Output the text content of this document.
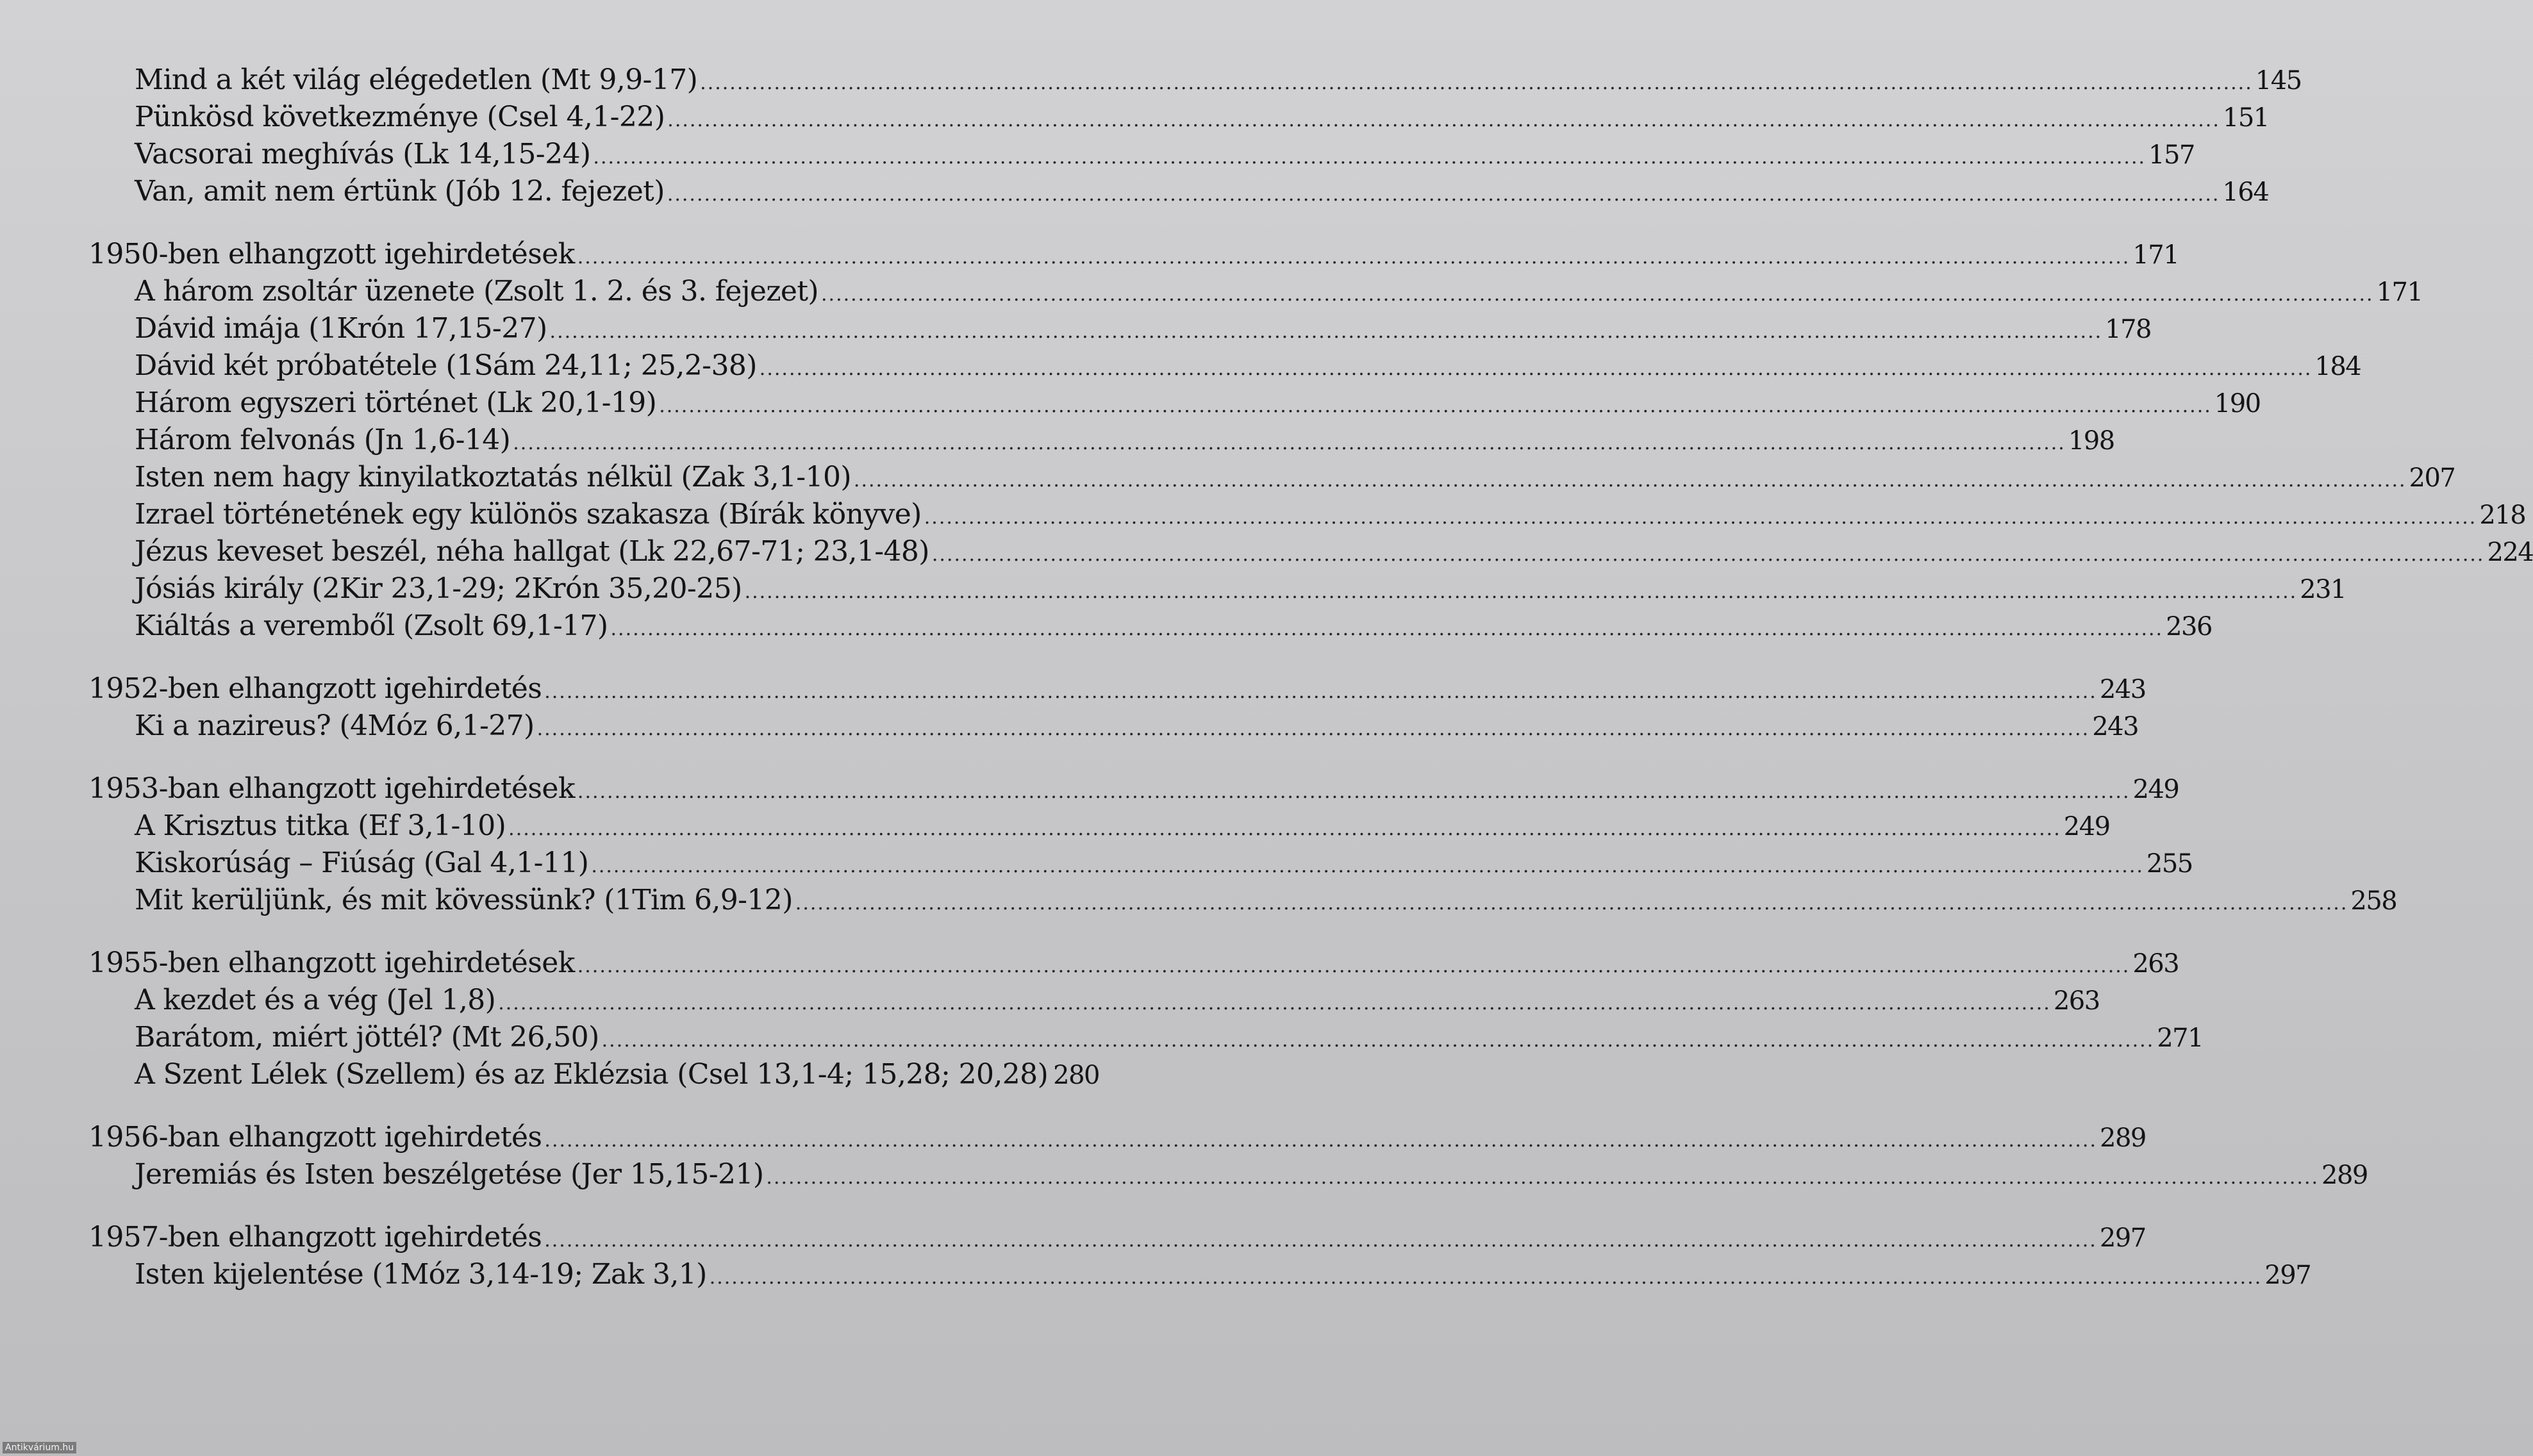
Mind a két világ elégedetlen (Mt 9,9-17) .....	145
Pünkösd következménye (Csel 4,1-22) .....	151
Vacsorai meghívás (Lk 14,15-24) .....	157
Van, amit nem értünk (Jób 12. fejezet) .....	164
1950-ben elhangzott igehirdetések .....	171
A három zsoltár üzenete (Zsolt 1. 2. és 3. fejezet) .....	171
Dávid imája (1Krón 17,15-27) .....	178
Dávid két próbatétele (1Sám 24,11; 25,2-38) .....	184
Három egyszeri történet (Lk 20,1-19) .....	190
Három felvonás (Jn 1,6-14) .....	198
Isten nem hagy kinyilatkoztatás nélkül (Zak 3,1-10) .....	207
Izrael történetének egy különös szakasza (Bírák könyve) .....	218
Jézus keveset beszél, néha hallgat (Lk 22,67-71; 23,1-48) .....	224
Jósiás király (2Kir 23,1-29; 2Krón 35,20-25) .....	231
Kiáltás a veremből (Zsolt 69,1-17) .....	236
1952-ben elhangzott igehirdetés .....	243
Ki a nazireus? (4Móz 6,1-27) .....	243
1953-ban elhangzott igehirdetések .....	249
A Krisztus titka (Ef 3,1-10) .....	249
Kiskorúság – Fiúság (Gal 4,1-11) .....	255
Mit kerüljünk, és mit kövessünk? (1Tim 6,9-12) .....	258
1955-ben elhangzott igehirdetések .....	263
A kezdet és a vég (Jel 1,8) .....	263
Barátom, miért jöttél? (Mt 26,50) .....	271
A Szent Lélek (Szellem) és az Eklézsia (Csel 13,1-4; 15,28; 20,28) 280
1956-ban elhangzott igehirdetés .....	289
Jeremiás és Isten beszélgetése (Jer 15,15-21) .....	289
1957-ben elhangzott igehirdetés .....	297
Isten kijelentése (1Móz 3,14-19; Zak 3,1) .....	297
Antikvárium.hu
